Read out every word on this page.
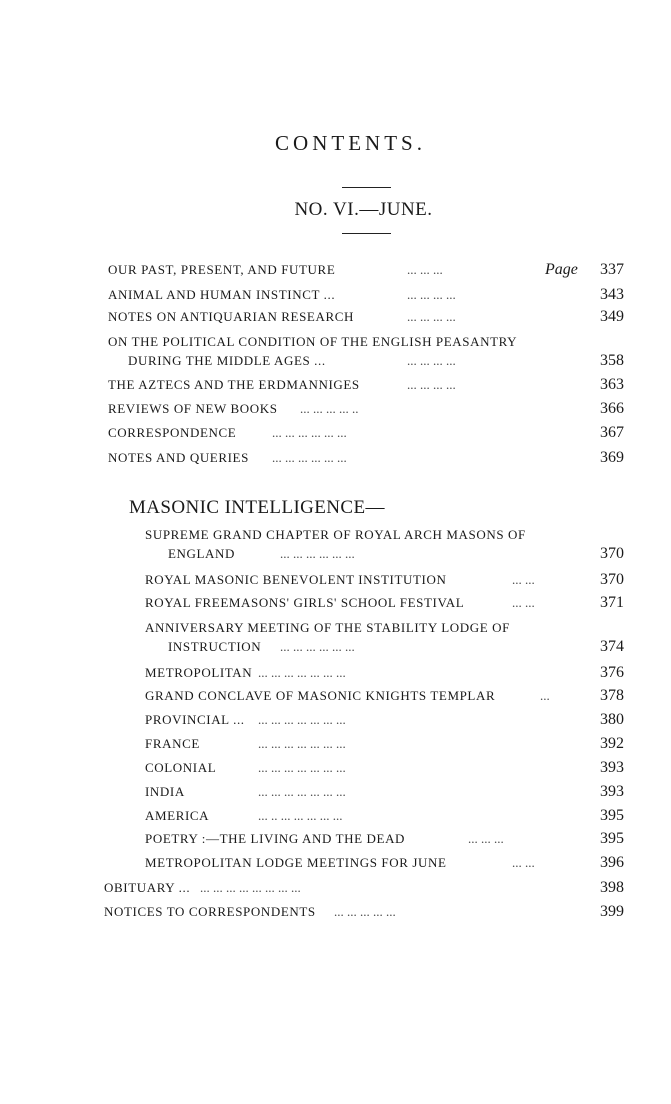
CONTENTS.
NO. VI.—JUNE.
OUR PAST, PRESENT, AND FUTURE	... ... ...	Page	337
ANIMAL AND HUMAN INSTINCT ...	... ... ... ...	343
NOTES ON ANTIQUARIAN RESEARCH	... ... ... ...	349
ON THE POLITICAL CONDITION OF THE ENGLISH PEASANTRY
DURING THE MIDDLE AGES ...	... ... ... ...	358
THE AZTECS AND THE ERDMANNIGES	... ... ... ...	363
REVIEWS OF NEW BOOKS ... ... ... ... ..	366
CORRESPONDENCE	... ... ... ... ... ...	367
NOTES AND QUERIES ... ... ... ... ... ...	369
MASONIC INTELLIGENCE—
SUPREME GRAND CHAPTER OF ROYAL ARCH MASONS OF
ENGLAND	... ... ... ... ... ...	370
ROYAL MASONIC BENEVOLENT INSTITUTION	... ...	370
ROYAL FREEMASONS' GIRLS' SCHOOL FESTIVAL	... ...	371
ANNIVERSARY MEETING OF THE STABILITY LODGE OF
INSTRUCTION ... ... ... ... ... ...	374
METROPOLITAN ... ... ... ... ... ... ...	376
GRAND CONCLAVE OF MASONIC KNIGHTS TEMPLAR	...	378
PROVINCIAL ... ... ... ... ... ... ... ...	380
FRANCE	... ... ... ... ... ... ...	392
COLONIAL	... ... ... ... ... ... ...	393
INDIA	... ... ... ... ... ... ...	393
AMERICA	... .. ... ... ... ... ...	395
POETRY :—THE LIVING AND THE DEAD	... ... ...	395
METROPOLITAN LODGE MEETINGS FOR JUNE	... ...	396
OBITUARY ... ... ... ... ... ... ... ... ...	398
NOTICES TO CORRESPONDENTS ... ... ... ... ...	399
